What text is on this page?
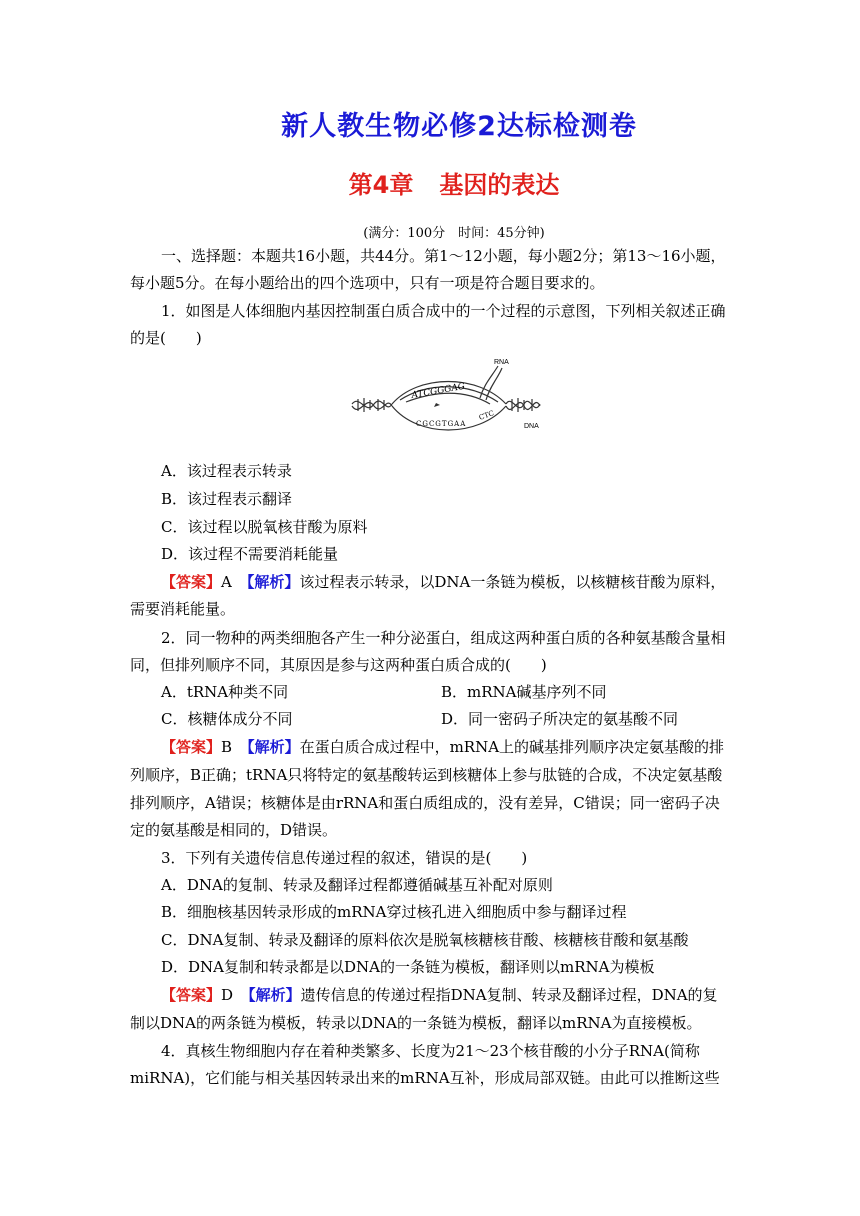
新人教生物必修2达标检测卷
第4章 基因的表达
(满分：100分　时间：45分钟)
一、选择题：本题共16小题，共44分。第1～12小题，每小题2分；第13～16小题，
每小题5分。在每小题给出的四个选项中，只有一项是符合题目要求的。
1．如图是人体细胞内基因控制蛋白质合成中的一个过程的示意图，下列相关叙述正确
的是(　　)
RNA
DNA
ATCGGGAG
CGCGTGAA
CTC
A．该过程表示转录
B．该过程表示翻译
C．该过程以脱氧核苷酸为原料
D．该过程不需要消耗能量
【答案】A　 【解析】该过程表示转录，以DNA一条链为模板，以核糖核苷酸为原料，
需要消耗能量。
2．同一物种的两类细胞各产生一种分泌蛋白，组成这两种蛋白质的各种氨基酸含量相
同，但排列顺序不同，其原因是参与这两种蛋白质合成的(　　)
A．tRNA种类不同	B．mRNA碱基序列不同
C．核糖体成分不同	D．同一密码子所决定的氨基酸不同
【答案】B　 【解析】在蛋白质合成过程中，mRNA上的碱基排列顺序决定氨基酸的排
列顺序，B正确；tRNA只将特定的氨基酸转运到核糖体上参与肽链的合成，不决定氨基酸
排列顺序，A错误；核糖体是由rRNA和蛋白质组成的，没有差异，C错误；同一密码子决
定的氨基酸是相同的，D错误。
3．下列有关遗传信息传递过程的叙述，错误的是(　　)
A．DNA的复制、转录及翻译过程都遵循碱基互补配对原则
B．细胞核基因转录形成的mRNA穿过核孔进入细胞质中参与翻译过程
C．DNA复制、转录及翻译的原料依次是脱氧核糖核苷酸、核糖核苷酸和氨基酸
D．DNA复制和转录都是以DNA的一条链为模板，翻译则以mRNA为模板
【答案】D　 【解析】遗传信息的传递过程指DNA复制、转录及翻译过程，DNA的复
制以DNA的两条链为模板，转录以DNA的一条链为模板，翻译以mRNA为直接模板。
4．真核生物细胞内存在着种类繁多、长度为21～23个核苷酸的小分子RNA(简称
miRNA)，它们能与相关基因转录出来的mRNA互补，形成局部双链。由此可以推断这些
